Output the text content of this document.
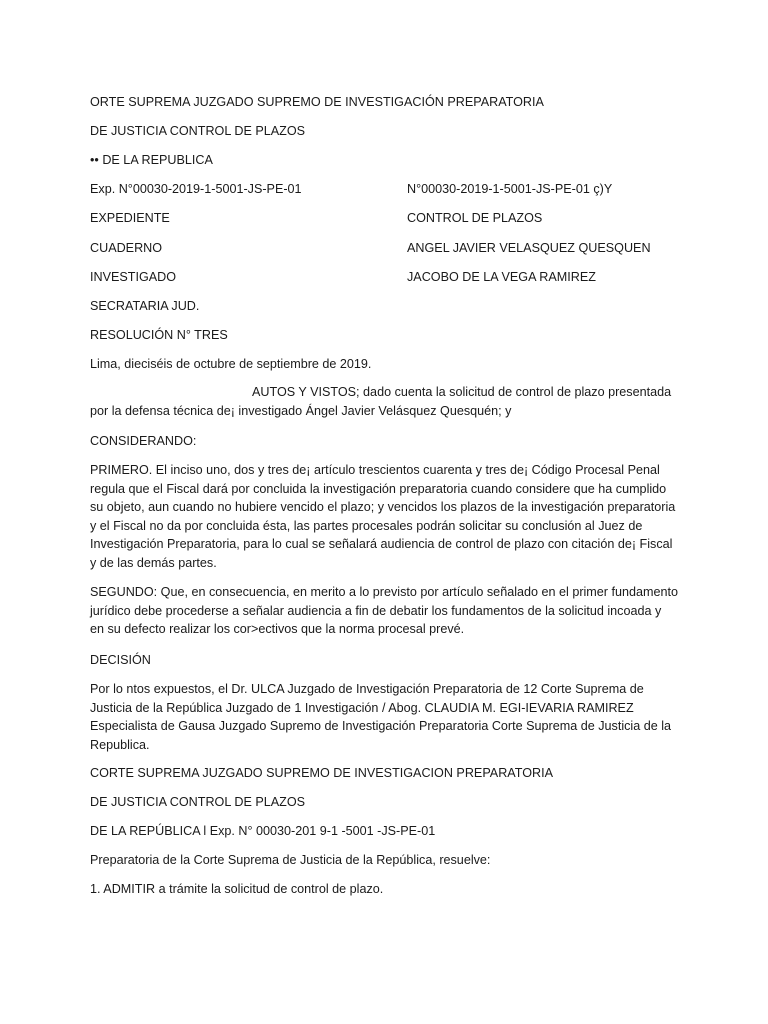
ORTE SUPREMA JUZGADO SUPREMO DE INVESTIGACIÓN PREPARATORIA
DE JUSTICIA CONTROL DE PLAZOS
•• DE LA REPUBLICA
Exp. N°00030-2019-1-5001-JS-PE-01	N°00030-2019-1-5001-JS-PE-01 ç)Y
EXPEDIENTE	CONTROL DE PLAZOS
CUADERNO	ANGEL JAVIER VELASQUEZ QUESQUEN
INVESTIGADO	JACOBO DE LA VEGA RAMIREZ
SECRATARIA JUD.
RESOLUCIÓN N° TRES
Lima, dieciséis de octubre de septiembre de 2019.
AUTOS Y VISTOS; dado cuenta la solicitud de control de plazo presentada
por la defensa técnica de¡ investigado Ángel Javier Velásquez Quesquén; y
CONSIDERANDO:
PRIMERO. El inciso uno, dos y tres de¡ artículo trescientos cuarenta y tres de¡ Código Procesal Penal
regula que el Fiscal dará por concluida la investigación preparatoria cuando considere que ha cumplido
su objeto, aun cuando no hubiere vencido el plazo; y vencidos los plazos de la investigación preparatoria
y el Fiscal no da por concluida ésta, las partes procesales podrán solicitar su conclusión al Juez de
Investigación Preparatoria, para lo cual se señalará audiencia de control de plazo con citación de¡ Fiscal
y de las demás partes.
SEGUNDO: Que, en consecuencia, en merito a lo previsto por artículo señalado en el primer fundamento
jurídico debe procederse a señalar audiencia a fin de debatir los fundamentos de la solicitud incoada y
en su defecto realizar los cor>ectivos que la norma procesal prevé.
DECISIÓN
Por lo ntos expuestos, el Dr. ULCA Juzgado de Investigación Preparatoria de 12 Corte Suprema de
Justicia de la República Juzgado de 1 Investigación / Abog. CLAUDIA M. EGI-IEVARIA RAMIREZ
Especialista de Gausa Juzgado Supremo de Investigación Preparatoria Corte Suprema de Justicia de la
Republica.
CORTE SUPREMA JUZGADO SUPREMO DE INVESTIGACION PREPARATORIA
DE JUSTICIA CONTROL DE PLAZOS
DE LA REPÚBLICA l Exp. N° 00030-201 9-1 -5001 -JS-PE-01
Preparatoria de la Corte Suprema de Justicia de la República, resuelve:
1. ADMITIR a trámite la solicitud de control de plazo.
